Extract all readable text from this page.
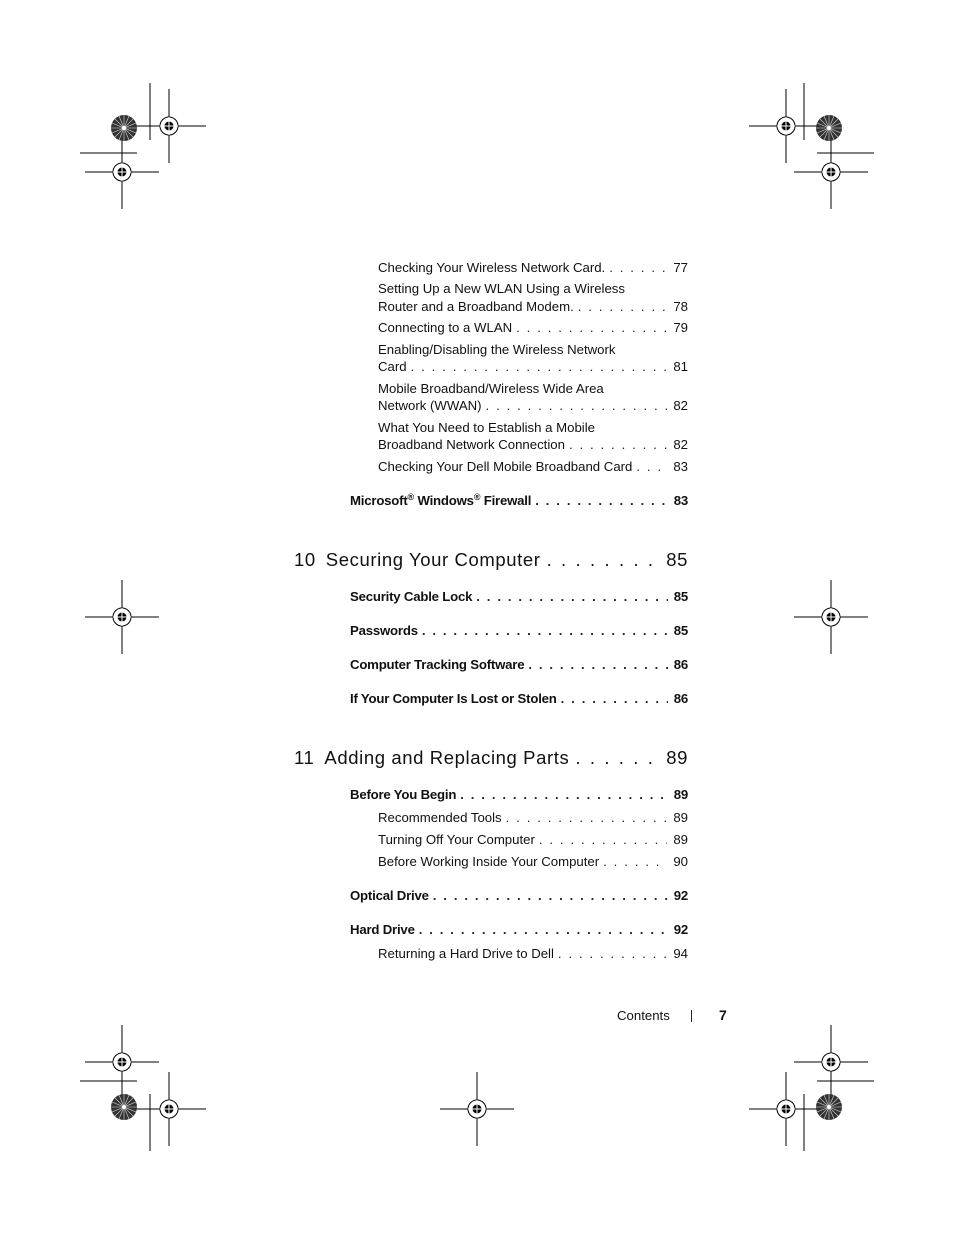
Checking Your Wireless Network Card. . . .	77
Setting Up a New WLAN Using a Wireless
Router and a Broadband Modem. . . .	78
Connecting to a WLAN . . .	79
Enabling/Disabling the Wireless Network
Card . . .	81
Mobile Broadband/Wireless Wide Area
Network (WWAN) . . .	82
What You Need to Establish a Mobile
Broadband Network Connection . . .	82
Checking Your Dell Mobile Broadband Card . . .	83
Microsoft® Windows® Firewall . . .	83
10 Securing Your Computer . . .	85
Security Cable Lock . . .	85
Passwords . . .	85
Computer Tracking Software . . .	86
If Your Computer Is Lost or Stolen . . .	86
11 Adding and Replacing Parts . . .	89
Before You Begin . . .	89
Recommended Tools . . .	89
Turning Off Your Computer . . .	89
Before Working Inside Your Computer . . .	90
Optical Drive . . .	92
Hard Drive . . .	92
Returning a Hard Drive to Dell . . .	94
Contents	7
